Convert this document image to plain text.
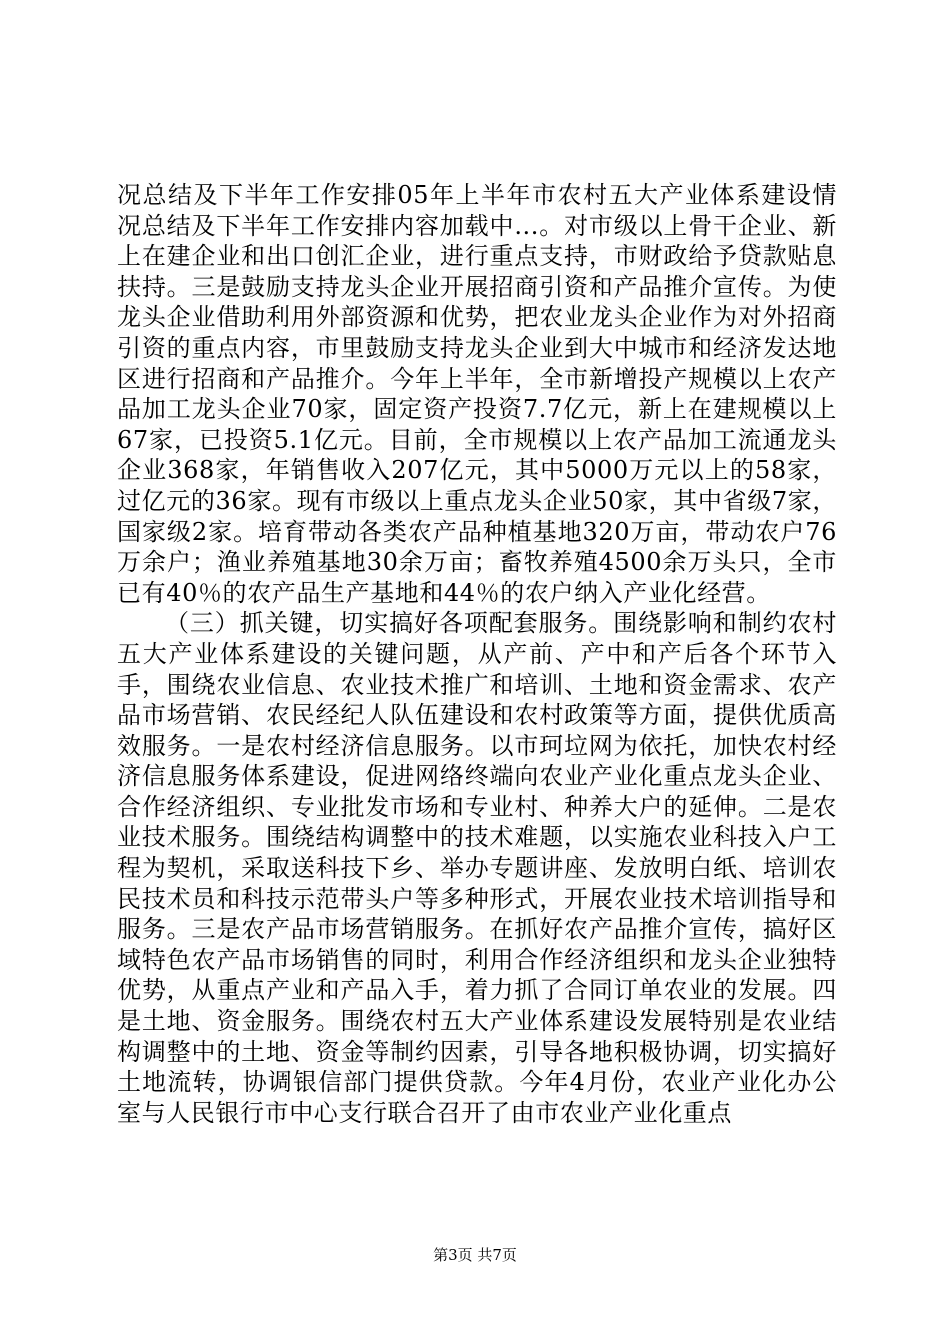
况总结及下半年工作安排05年上半年市农村五大产业体系建设情况总结及下半年工作安排内容加载中...。对市级以上骨干企业、新上在建企业和出口创汇企业，进行重点支持，市财政给予贷款贴息扶持。三是鼓励支持龙头企业开展招商引资和产品推介宣传。为使龙头企业借助利用外部资源和优势，把农业龙头企业作为对外招商引资的重点内容，市里鼓励支持龙头企业到大中城市和经济发达地区进行招商和产品推介。今年上半年，全市新增投产规模以上农产品加工龙头企业70家，固定资产投资7.7亿元，新上在建规模以上67家，已投资5.1亿元。目前，全市规模以上农产品加工流通龙头企业368家，年销售收入207亿元，其中5000万元以上的58家，过亿元的36家。现有市级以上重点龙头企业50家，其中省级7家，国家级2家。培育带动各类农产品种植基地320万亩，带动农户76万余户；渔业养殖基地30余万亩；畜牧养殖4500余万头只，全市已有40％的农产品生产基地和44％的农户纳入产业化经营。

（三）抓关键，切实搞好各项配套服务。围绕影响和制约农村五大产业体系建设的关键问题，从产前、产中和产后各个环节入手，围绕农业信息、农业技术推广和培训、土地和资金需求、农产品市场营销、农民经纪人队伍建设和农村政策等方面，提供优质高效服务。一是农村经济信息服务。以市珂垃网为依托，加快农村经济信息服务体系建设，促进网络终端向农业产业化重点龙头企业、合作经济组织、专业批发市场和专业村、种养大户的延伸。二是农业技术服务。围绕结构调整中的技术难题，以实施农业科技入户工程为契机，采取送科技下乡、举办专题讲座、发放明白纸、培训农民技术员和科技示范带头户等多种形式，开展农业技术培训指导和服务。三是农产品市场营销服务。在抓好农产品推介宣传，搞好区域特色农产品市场销售的同时，利用合作经济组织和龙头企业独特优势，从重点产业和产品入手，着力抓了合同订单农业的发展。四是土地、资金服务。围绕农村五大产业体系建设发展特别是农业结构调整中的土地、资金等制约因素，引导各地积极协调，切实搞好土地流转，协调银信部门提供贷款。今年4月份，农业产业化办公室与人民银行市中心支行联合召开了由市农业产业化重点

第3页 共7页
